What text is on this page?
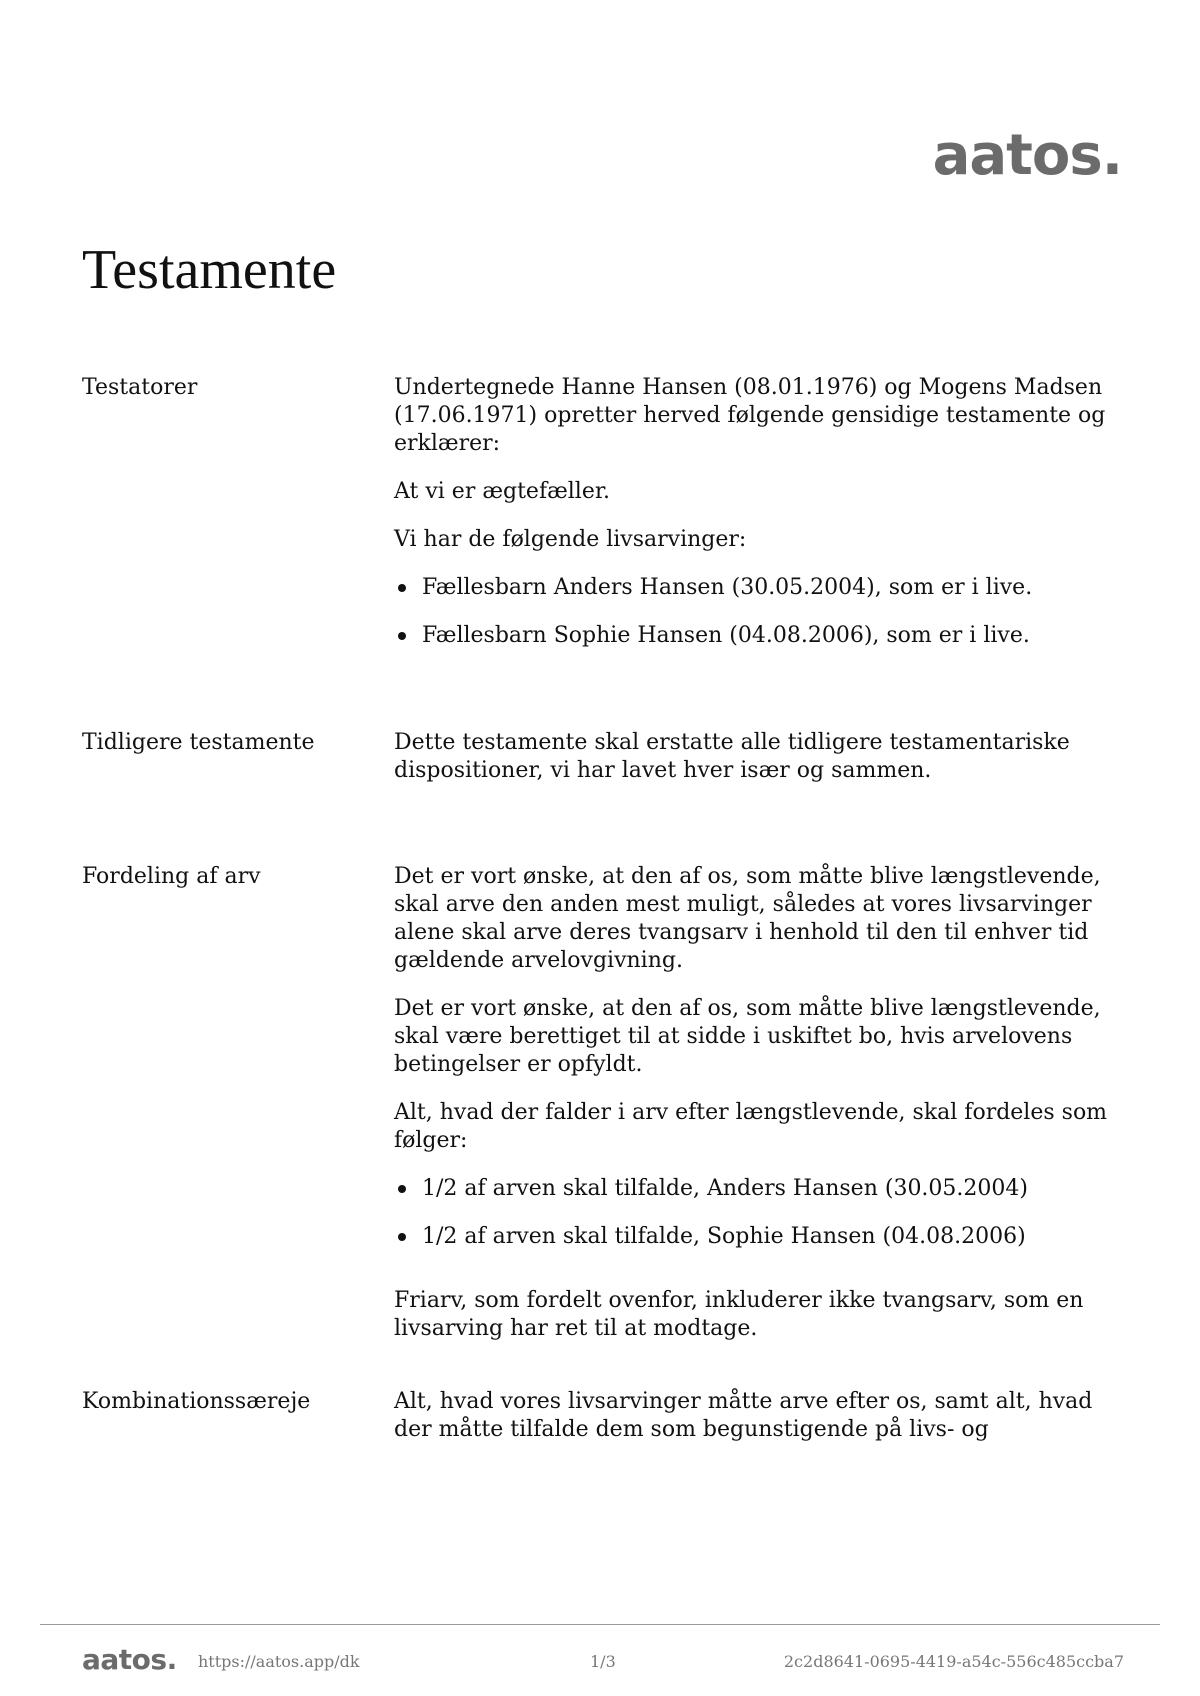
aatos.
Testamente
Testatorer	Undertegnede Hanne Hansen (08.01.1976) og Mogens Madsen (17.06.1971) opretter herved følgende gensidige testamente og erklærer:

At vi er ægtefæller.

Vi har de følgende livsarvinger:

Fællesbarn Anders Hansen (30.05.2004), som er i live.
Fællesbarn Sophie Hansen (04.08.2006), som er i live.
Tidligere testamente	Dette testamente skal erstatte alle tidligere testamentariske dispositioner, vi har lavet hver især og sammen.

Fordeling af arv	Det er vort ønske, at den af os, som måtte blive længstlevende, skal arve den anden mest muligt, således at vores livsarvinger alene skal arve deres tvangsarv i henhold til den til enhver tid gældende arvelovgivning.

Det er vort ønske, at den af os, som måtte blive længstlevende, skal være berettiget til at sidde i uskiftet bo, hvis arvelovens betingelser er opfyldt.

Alt, hvad der falder i arv efter længstlevende, skal fordeles som følger:

1/2 af arven skal tilfalde, Anders Hansen (30.05.2004)
1/2 af arven skal tilfalde, Sophie Hansen (04.08.2006)

Friarv, som fordelt ovenfor, inkluderer ikke tvangsarv, som en livsarving har ret til at modtage.

Kombinationssæreje	Alt, hvad vores livsarvinger måtte arve efter os, samt alt, hvad der måtte tilfalde dem som begunstigende på livs- og

aatos. https://aatos.app/dk	1/3	2c2d8641-0695-4419-a54c-556c485ccba7
